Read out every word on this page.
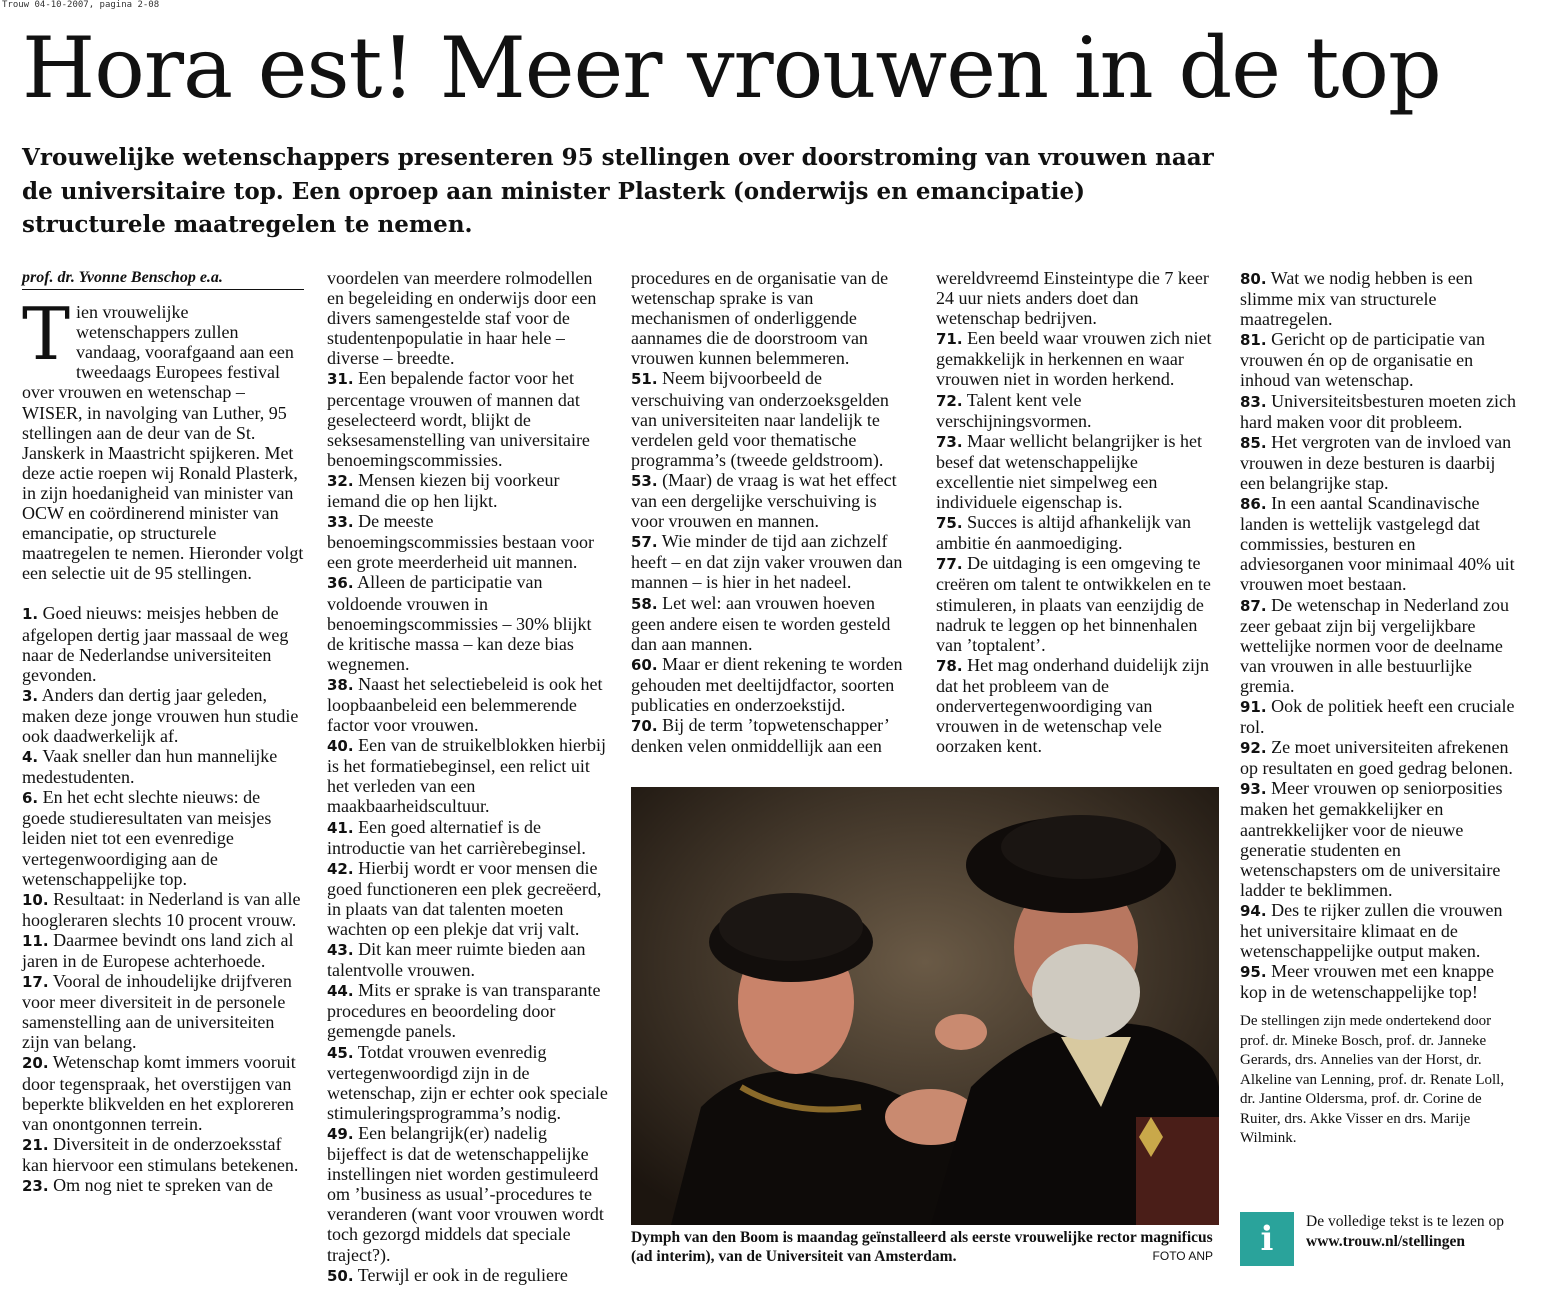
Trouw 04-10-2007, pagina 2-08
Hora est! Meer vrouwen in de top

Vrouwelijke wetenschappers presenteren 95 stellingen over doorstroming van vrouwen naar de universitaire top. Een oproep aan minister Plasterk (onderwijs en emancipatie) structurele maatregelen te nemen.

prof. dr. Yvonne Benschop e.a.

Tien vrouwelijke wetenschappers zullen vandaag, voorafgaand aan een tweedaags Europees festival over vrouwen en wetenschap – WISER, in navolging van Luther, 95 stellingen aan de deur van de St. Janskerk in Maastricht spijkeren. Met deze actie roepen wij Ronald Plasterk, in zijn hoedanigheid van minister van OCW en coördinerend minister van emancipatie, op structurele maatregelen te nemen. Hieronder volgt een selectie uit de 95 stellingen.

1. Goed nieuws: meisjes hebben de afgelopen dertig jaar massaal de weg naar de Nederlandse universiteiten gevonden.

3. Anders dan dertig jaar geleden, maken deze jonge vrouwen hun studie ook daadwerkelijk af.

4. Vaak sneller dan hun mannelijke medestudenten.

6. En het echt slechte nieuws: de goede studieresultaten van meisjes leiden niet tot een evenredige vertegenwoordiging aan de wetenschappelijke top.

10. Resultaat: in Nederland is van alle hoogleraren slechts 10 procent vrouw.

11. Daarmee bevindt ons land zich al jaren in de Europese achterhoede.

17. Vooral de inhoudelijke drijfveren voor meer diversiteit in de personele samenstelling aan de universiteiten zijn van belang.

20. Wetenschap komt immers vooruit door tegenspraak, het overstijgen van beperkte blikvelden en het exploreren van onontgonnen terrein.

21. Diversiteit in de onderzoeksstaf kan hiervoor een stimulans betekenen.

23. Om nog niet te spreken van de

voordelen van meerdere rolmodellen en begeleiding en onderwijs door een divers samengestelde staf voor de studentenpopulatie in haar hele – diverse – breedte.

31. Een bepalende factor voor het percentage vrouwen of mannen dat geselecteerd wordt, blijkt de seksesamenstelling van universitaire benoemingscommissies.

32. Mensen kiezen bij voorkeur iemand die op hen lijkt.

33. De meeste benoemingscommissies bestaan voor een grote meerderheid uit mannen.

36. Alleen de participatie van voldoende vrouwen in benoemingscommissies – 30% blijkt de kritische massa – kan deze bias wegnemen.

38. Naast het selectiebeleid is ook het loopbaanbeleid een belemmerende factor voor vrouwen.

40. Een van de struikelblokken hierbij is het formatiebeginsel, een relict uit het verleden van een maakbaarheidscultuur.

41. Een goed alternatief is de introductie van het carrièrebeginsel.

42. Hierbij wordt er voor mensen die goed functioneren een plek gecreëerd, in plaats van dat talenten moeten wachten op een plekje dat vrij valt.

43. Dit kan meer ruimte bieden aan talentvolle vrouwen.

44. Mits er sprake is van transparante procedures en beoordeling door gemengde panels.

45. Totdat vrouwen evenredig vertegenwoordigd zijn in de wetenschap, zijn er echter ook speciale stimuleringsprogramma’s nodig.

49. Een belangrijk(er) nadelig bijeffect is dat de wetenschappelijke instellingen niet worden gestimuleerd om ’business as usual’-procedures te veranderen (want voor vrouwen wordt toch gezorgd middels dat speciale traject?).

50. Terwijl er ook in de reguliere

procedures en de organisatie van de wetenschap sprake is van mechanismen of onderliggende aannames die de doorstroom van vrouwen kunnen belemmeren.

51. Neem bijvoorbeeld de verschuiving van onderzoeksgelden van universiteiten naar landelijk te verdelen geld voor thematische programma’s (tweede geldstroom).

53. (Maar) de vraag is wat het effect van een dergelijke verschuiving is voor vrouwen en mannen.

57. Wie minder de tijd aan zichzelf heeft – en dat zijn vaker vrouwen dan mannen – is hier in het nadeel.

58. Let wel: aan vrouwen hoeven geen andere eisen te worden gesteld dan aan mannen.

60. Maar er dient rekening te worden gehouden met deeltijdfactor, soorten publicaties en onderzoekstijd.

70. Bij de term ’topwetenschapper’ denken velen onmiddellijk aan een

wereldvreemd Einsteintype die 7 keer 24 uur niets anders doet dan wetenschap bedrijven.

71. Een beeld waar vrouwen zich niet gemakkelijk in herkennen en waar vrouwen niet in worden herkend.

72. Talent kent vele verschijningsvormen.

73. Maar wellicht belangrijker is het besef dat wetenschappelijke excellentie niet simpelweg een individuele eigenschap is.

75. Succes is altijd afhankelijk van ambitie én aanmoediging.

77. De uitdaging is een omgeving te creëren om talent te ontwikkelen en te stimuleren, in plaats van eenzijdig de nadruk te leggen op het binnenhalen van ’toptalent’.

78. Het mag onderhand duidelijk zijn dat het probleem van de ondervertegenwoordiging van vrouwen in de wetenschap vele oorzaken kent.

80. Wat we nodig hebben is een slimme mix van structurele maatregelen.

81. Gericht op de participatie van vrouwen én op de organisatie en inhoud van wetenschap.

83. Universiteitsbesturen moeten zich hard maken voor dit probleem.

85. Het vergroten van de invloed van vrouwen in deze besturen is daarbij een belangrijke stap.

86. In een aantal Scandinavische landen is wettelijk vastgelegd dat commissies, besturen en adviesorganen voor minimaal 40% uit vrouwen moet bestaan.

87. De wetenschap in Nederland zou zeer gebaat zijn bij vergelijkbare wettelijke normen voor de deelname van vrouwen in alle bestuurlijke gremia.

91. Ook de politiek heeft een cruciale rol.

92. Ze moet universiteiten afrekenen op resultaten en goed gedrag belonen.

93. Meer vrouwen op seniorposities maken het gemakkelijker en aantrekkelijker voor de nieuwe generatie studenten en wetenschapsters om de universitaire ladder te beklimmen.

94. Des te rijker zullen die vrouwen het universitaire klimaat en de wetenschappelijke output maken.

95. Meer vrouwen met een knappe kop in de wetenschappelijke top!

De stellingen zijn mede ondertekend door prof. dr. Mineke Bosch, prof. dr. Janneke Gerards, drs. Annelies van der Horst, dr. Alkeline van Lenning, prof. dr. Renate Loll, dr. Jantine Oldersma, prof. dr. Corine de Ruiter, drs. Akke Visser en drs. Marije Wilmink.

Dymph van den Boom is maandag geïnstalleerd als eerste vrouwelijke rector magnificus (ad interim), van de Universiteit van Amsterdam.	FOTO ANP	i	De volledige tekst is te lezen op www.trouw.nl/stellingen
